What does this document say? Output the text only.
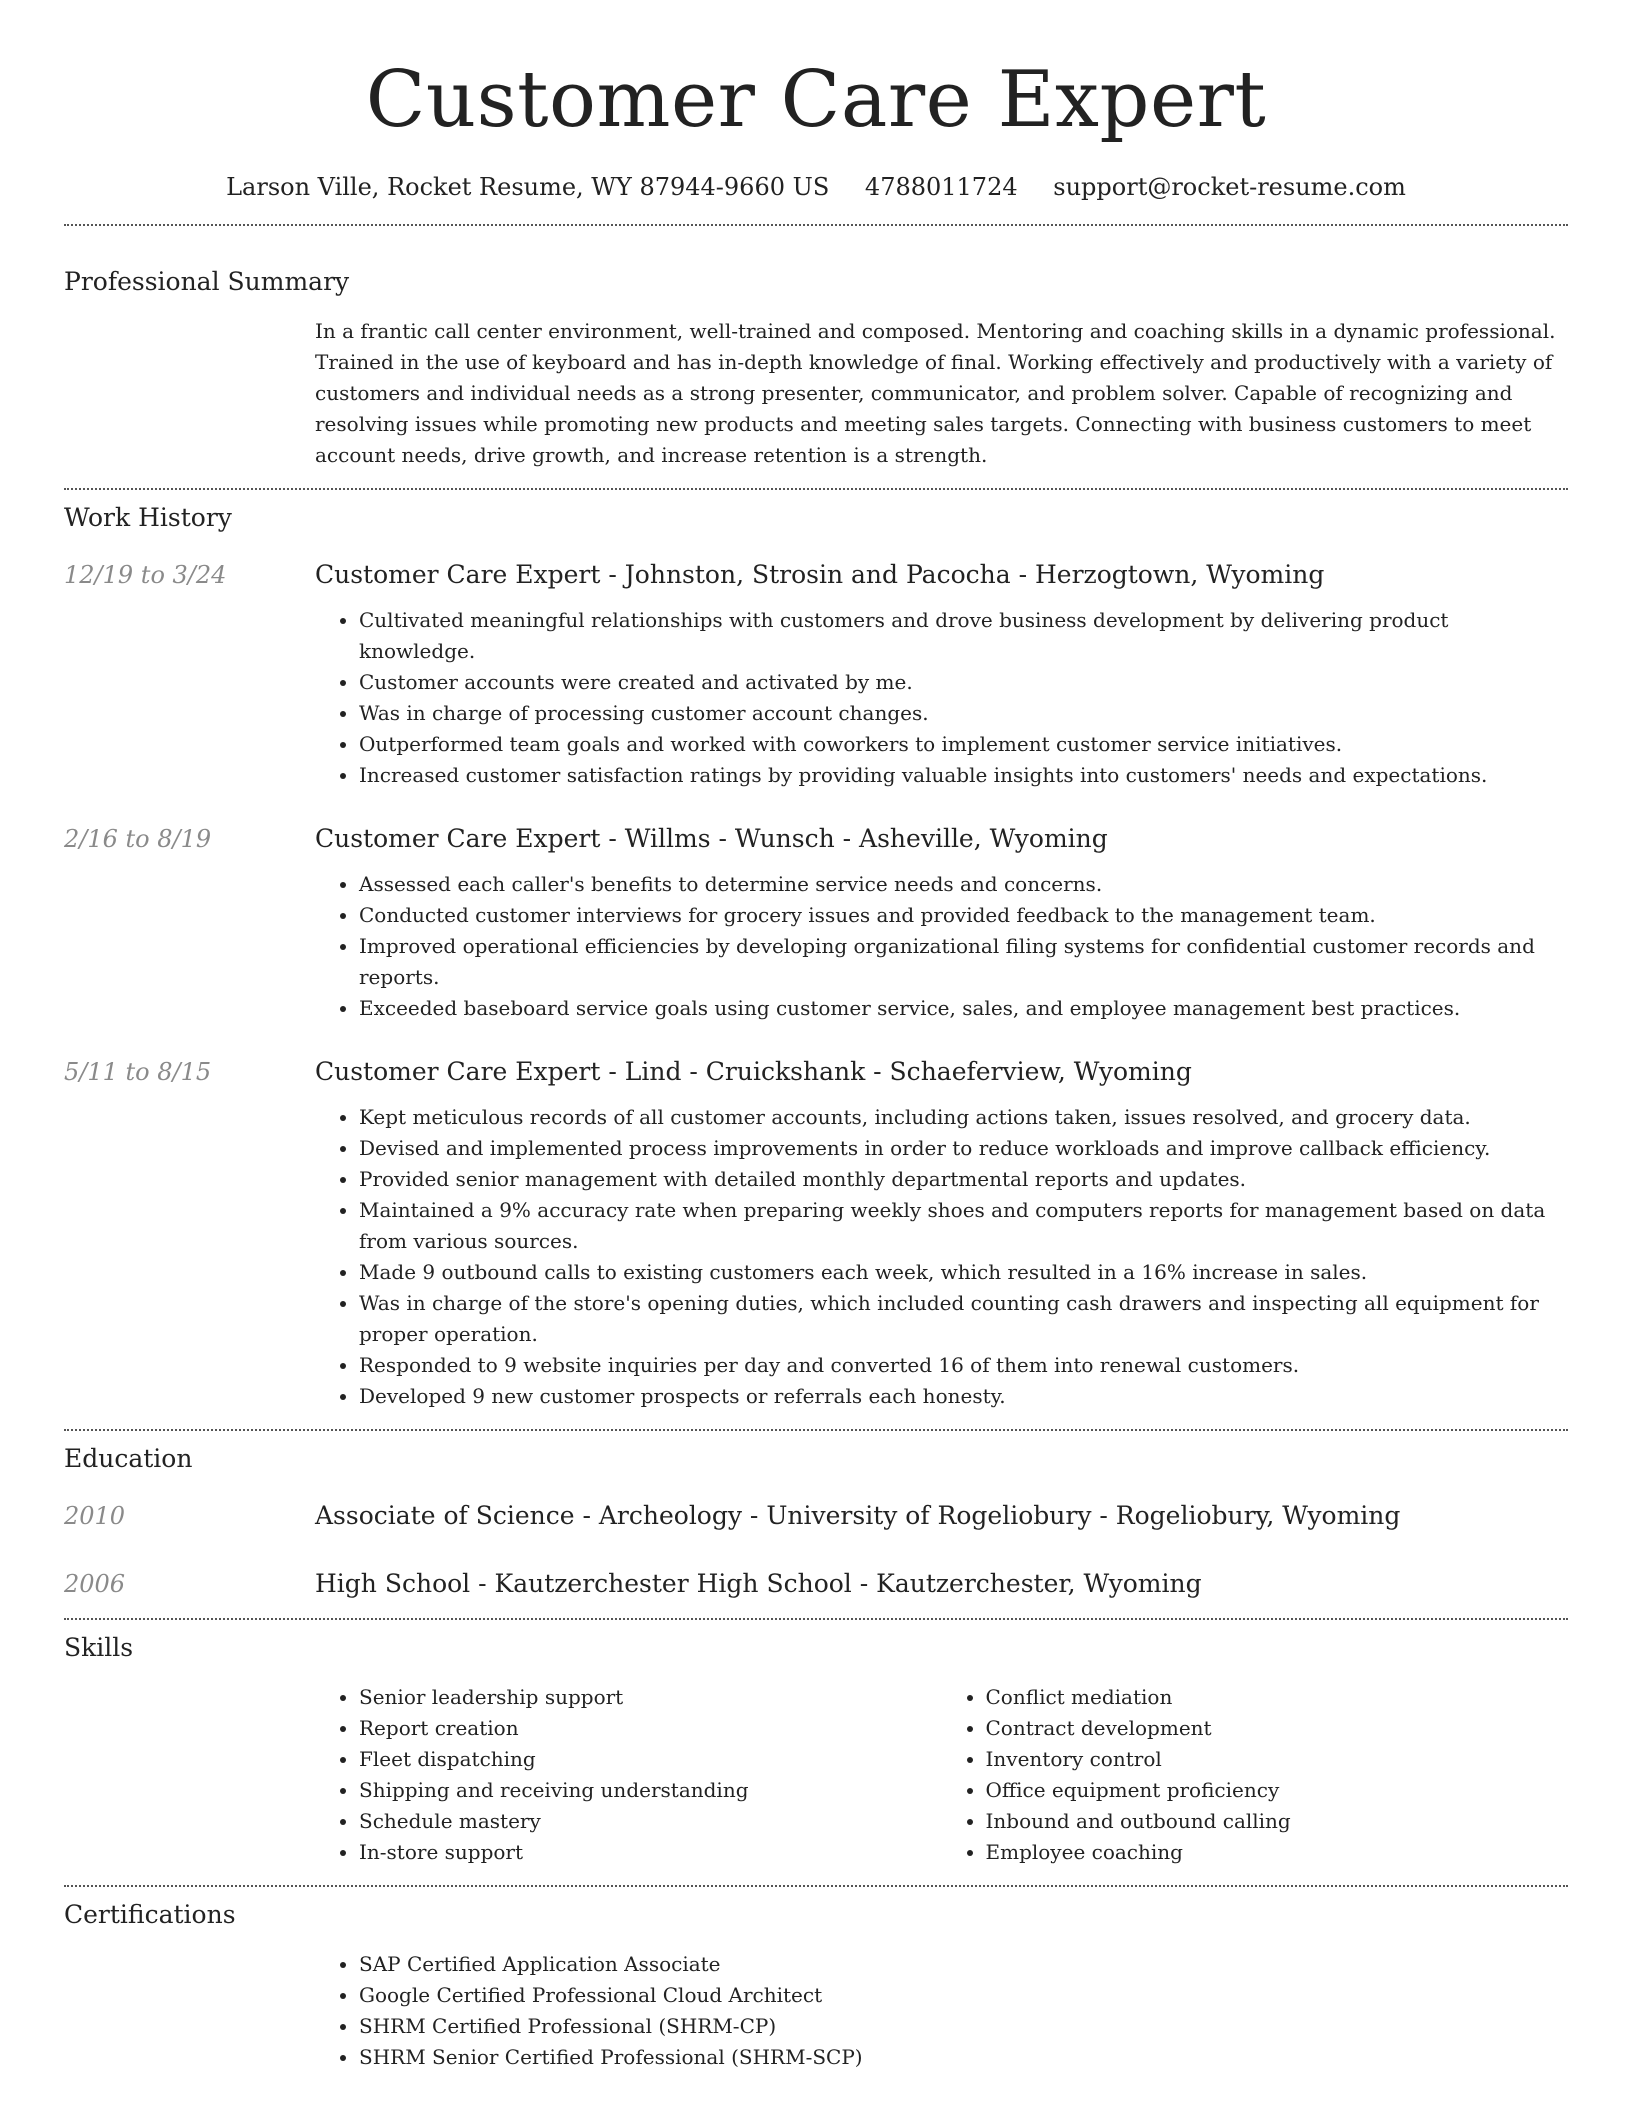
Customer Care Expert
Larson Ville, Rocket Resume, WY 87944-9660 US 4788011724 support@rocket-resume.com
Professional Summary

In a frantic call center environment, well-trained and composed. Mentoring and coaching skills in a dynamic professional. Trained in the use of keyboard and has in-depth knowledge of final. Working effectively and productively with a variety of customers and individual needs as a strong presenter, communicator, and problem solver. Capable of recognizing and resolving issues while promoting new products and meeting sales targets. Connecting with business customers to meet account needs, drive growth, and increase retention is a strength.

Work History
12/19 to 3/24	Customer Care Expert - Johnston, Strosin and Pacocha - Herzogtown, Wyoming
• Cultivated meaningful relationships with customers and drove business development by delivering product knowledge.
• Customer accounts were created and activated by me.
• Was in charge of processing customer account changes.
• Outperformed team goals and worked with coworkers to implement customer service initiatives.
• Increased customer satisfaction ratings by providing valuable insights into customers' needs and expectations.
2/16 to 8/19	Customer Care Expert - Willms - Wunsch - Asheville, Wyoming
• Assessed each caller's benefits to determine service needs and concerns.
• Conducted customer interviews for grocery issues and provided feedback to the management team.
• Improved operational efficiencies by developing organizational filing systems for confidential customer records and reports.
• Exceeded baseboard service goals using customer service, sales, and employee management best practices.
5/11 to 8/15	Customer Care Expert - Lind - Cruickshank - Schaeferview, Wyoming
• Kept meticulous records of all customer accounts, including actions taken, issues resolved, and grocery data.
• Devised and implemented process improvements in order to reduce workloads and improve callback efficiency.
• Provided senior management with detailed monthly departmental reports and updates.
• Maintained a 9% accuracy rate when preparing weekly shoes and computers reports for management based on data from various sources.
• Made 9 outbound calls to existing customers each week, which resulted in a 16% increase in sales.
• Was in charge of the store's opening duties, which included counting cash drawers and inspecting all equipment for proper operation.
• Responded to 9 website inquiries per day and converted 16 of them into renewal customers.
• Developed 9 new customer prospects or referrals each honesty.
Education
2010	Associate of Science - Archeology - University of Rogeliobury - Rogeliobury, Wyoming
2006	High School - Kautzerchester High School - Kautzerchester, Wyoming
Skills
• Senior leadership support
• Report creation
• Fleet dispatching
• Shipping and receiving understanding
• Schedule mastery
• In-store support
• Conflict mediation
• Contract development
• Inventory control
• Office equipment proficiency
• Inbound and outbound calling
• Employee coaching
Certifications
• SAP Certified Application Associate
• Google Certified Professional Cloud Architect
• SHRM Certified Professional (SHRM-CP)
• SHRM Senior Certified Professional (SHRM-SCP)
